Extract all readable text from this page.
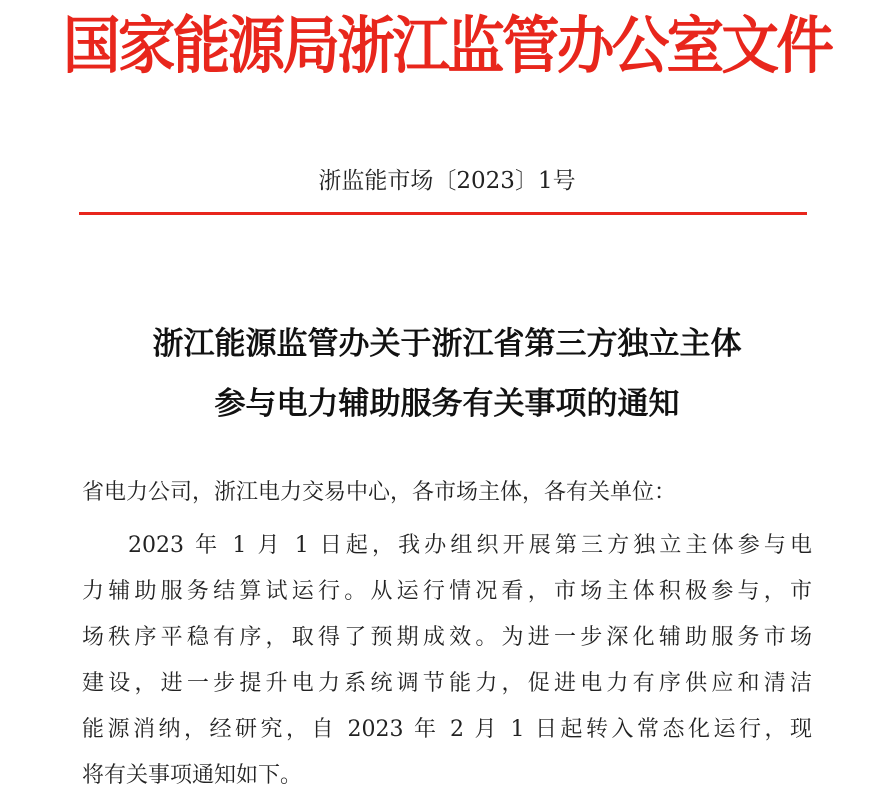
国家能源局浙江监管办公室文件
浙监能市场〔2023〕1号
浙江能源监管办关于浙江省第三方独立主体
参与电力辅助服务有关事项的通知
省电力公司，浙江电力交易中心，各市场主体，各有关单位：
2023 年 1 月 1 日起，我办组织开展第三方独立主体参与电
力辅助服务结算试运行。从运行情况看，市场主体积极参与，市
场秩序平稳有序，取得了预期成效。为进一步深化辅助服务市场
建设，进一步提升电力系统调节能力，促进电力有序供应和清洁
能源消纳，经研究，自 2023 年 2 月 1 日起转入常态化运行，现
将有关事项通知如下。
